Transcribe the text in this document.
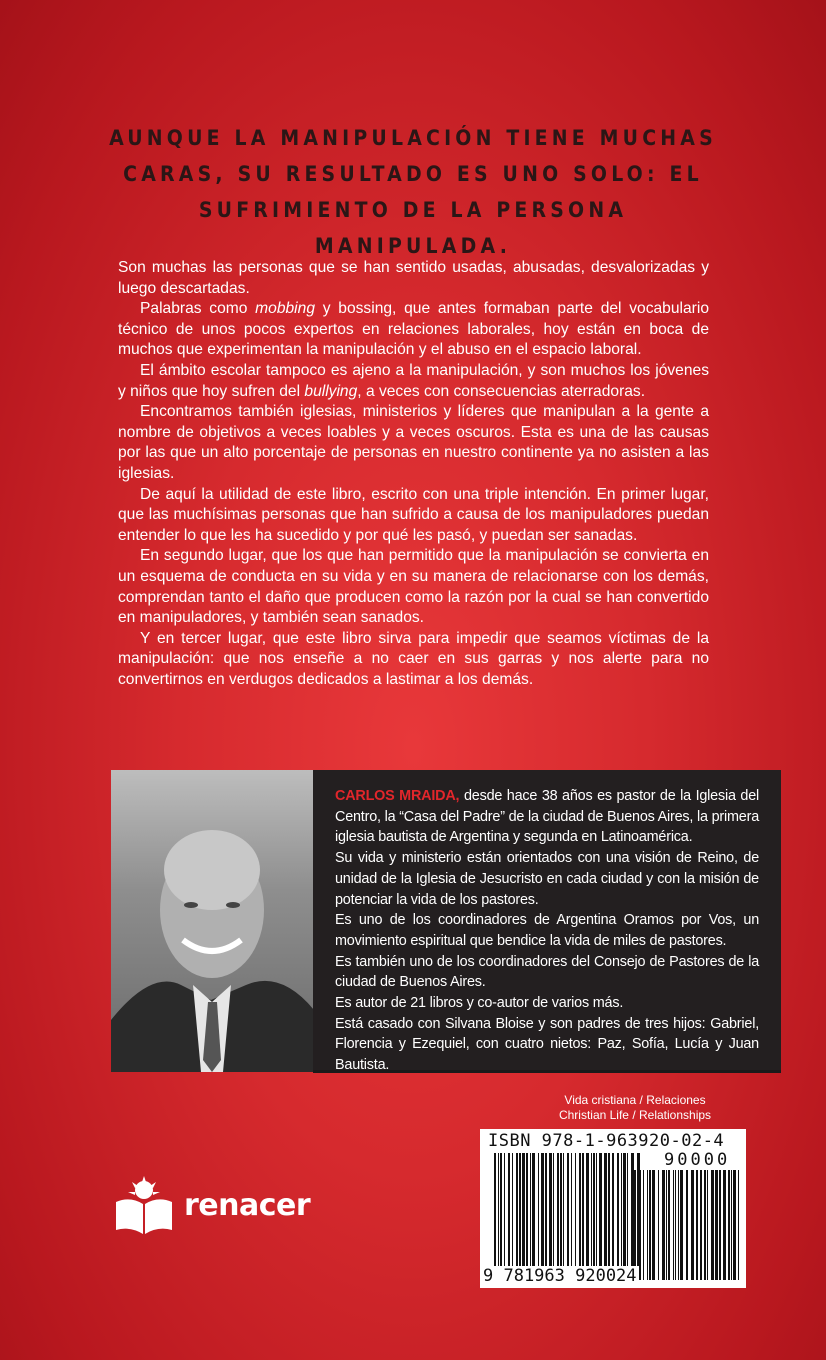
AUNQUE LA MANIPULACIÓN TIENE MUCHAS
CARAS, SU RESULTADO ES UNO SOLO: EL
SUFRIMIENTO DE LA PERSONA MANIPULADA.

Son muchas las personas que se han sentido usadas, abusadas, desvalorizadas y luego descartadas.

Palabras como mobbing y bossing, que antes formaban parte del vocabulario técnico de unos pocos expertos en relaciones laborales, hoy están en boca de muchos que experimentan la manipulación y el abuso en el espacio laboral.

El ámbito escolar tampoco es ajeno a la manipulación, y son muchos los jóvenes y niños que hoy sufren del bullying, a veces con consecuencias aterradoras.

Encontramos también iglesias, ministerios y líderes que manipulan a la gente a nombre de objetivos a veces loables y a veces oscuros. Esta es una de las causas por las que un alto porcentaje de personas en nuestro continente ya no asisten a las iglesias.

De aquí la utilidad de este libro, escrito con una triple intención. En primer lugar, que las muchísimas personas que han sufrido a causa de los manipuladores puedan entender lo que les ha sucedido y por qué les pasó, y puedan ser sanadas.

En segundo lugar, que los que han permitido que la manipulación se convierta en un esquema de conducta en su vida y en su manera de relacionarse con los demás, comprendan tanto el daño que producen como la razón por la cual se han convertido en manipuladores, y también sean sanados.

Y en tercer lugar, que este libro sirva para impedir que seamos víctimas de la manipulación: que nos enseñe a no caer en sus garras y nos alerte para no convertirnos en verdugos dedicados a lastimar a los demás.

CARLOS MRAIDA, desde hace 38 años es pastor de la Iglesia del Centro, la “Casa del Padre” de la ciudad de Buenos Aires, la primera iglesia bautista de Argentina y segunda en Latinoamérica.
Su vida y ministerio están orientados con una visión de Reino, de unidad de la Iglesia de Jesucristo en cada ciudad y con la misión de potenciar la vida de los pastores.
Es uno de los coordinadores de Argentina Oramos por Vos, un movimiento espiritual que bendice la vida de miles de pastores.
Es también uno de los coordinadores del Consejo de Pastores de la ciudad de Buenos Aires.
Es autor de 21 libros y co-autor de varios más.
Está casado con Silvana Bloise y son padres de tres hijos: Gabriel, Florencia y Ezequiel, con cuatro nietos: Paz, Sofía, Lucía y Juan Bautista.
Vida cristiana / Relaciones
Christian Life / Relationships
ISBN 978-1-963920-02-4
90000
9 781963 920024
renacer
